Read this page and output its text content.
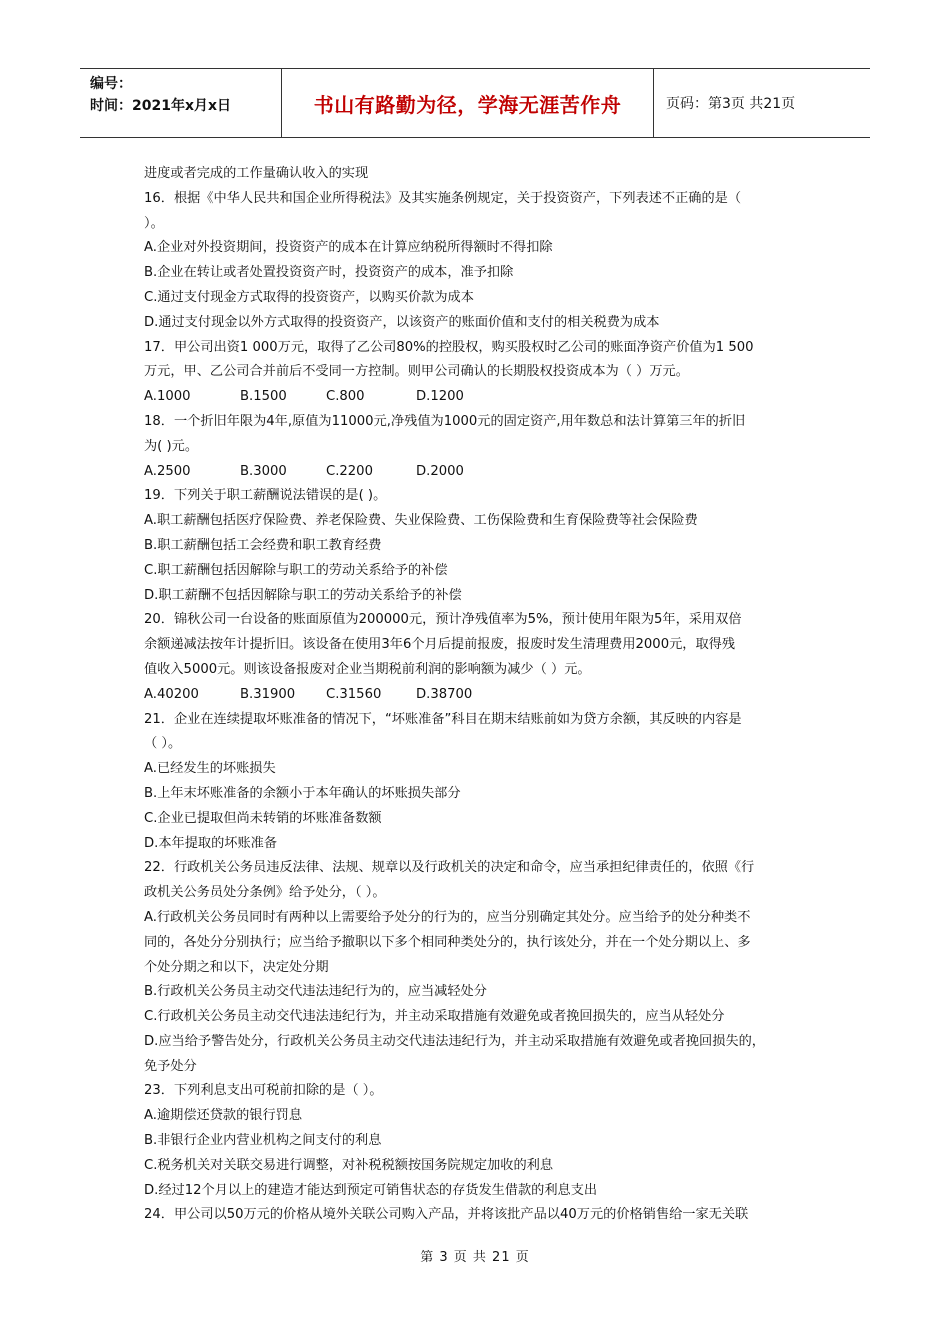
编号：
时间：2021年x月x日	书山有路勤为径，学海无涯苦作舟	页码：第3页 共21页
进度或者完成的工作量确认收入的实现
16．根据《中华人民共和国企业所得税法》及其实施条例规定，关于投资资产，下列表述不正确的是（
）。
A.企业对外投资期间，投资资产的成本在计算应纳税所得额时不得扣除
B.企业在转让或者处置投资资产时，投资资产的成本，准予扣除
C.通过支付现金方式取得的投资资产，以购买价款为成本
D.通过支付现金以外方式取得的投资资产，以该资产的账面价值和支付的相关税费为成本
17．甲公司出资1 000万元，取得了乙公司80%的控股权，购买股权时乙公司的账面净资产价值为1 500
万元，甲、乙公司合并前后不受同一方控制。则甲公司确认的长期股权投资成本为（ ）万元。
A.1000	B.1500	C.800	D.1200
18．一个折旧年限为4年,原值为11000元,净残值为1000元的固定资产,用年数总和法计算第三年的折旧
为( )元。
A.2500	B.3000	C.2200	D.2000
19．下列关于职工薪酬说法错误的是( )。
A.职工薪酬包括医疗保险费、养老保险费、失业保险费、工伤保险费和生育保险费等社会保险费
B.职工薪酬包括工会经费和职工教育经费
C.职工薪酬包括因解除与职工的劳动关系给予的补偿
D.职工薪酬不包括因解除与职工的劳动关系给予的补偿
20．锦秋公司一台设备的账面原值为200000元，预计净残值率为5%，预计使用年限为5年，采用双倍
余额递减法按年计提折旧。该设备在使用3年6个月后提前报废，报废时发生清理费用2000元，取得残
值收入5000元。则该设备报废对企业当期税前利润的影响额为减少（ ）元。
A.40200	B.31900	C.31560	D.38700
21．企业在连续提取坏账准备的情况下，“坏账准备”科目在期末结账前如为贷方余额，其反映的内容是
（ ）。
A.已经发生的坏账损失
B.上年末坏账准备的余额小于本年确认的坏账损失部分
C.企业已提取但尚未转销的坏账准备数额
D.本年提取的坏账准备
22．行政机关公务员违反法律、法规、规章以及行政机关的决定和命令，应当承担纪律责任的，依照《行
政机关公务员处分条例》给予处分，（ ）。
A.行政机关公务员同时有两种以上需要给予处分的行为的，应当分别确定其处分。应当给予的处分种类不
同的，各处分分别执行；应当给予撤职以下多个相同种类处分的，执行该处分，并在一个处分期以上、多
个处分期之和以下，决定处分期
B.行政机关公务员主动交代违法违纪行为的，应当减轻处分
C.行政机关公务员主动交代违法违纪行为，并主动采取措施有效避免或者挽回损失的，应当从轻处分
D.应当给予警告处分，行政机关公务员主动交代违法违纪行为，并主动采取措施有效避免或者挽回损失的，
免予处分
23．下列利息支出可税前扣除的是（ ）。
A.逾期偿还贷款的银行罚息
B.非银行企业内营业机构之间支付的利息
C.税务机关对关联交易进行调整，对补税税额按国务院规定加收的利息
D.经过12个月以上的建造才能达到预定可销售状态的存货发生借款的利息支出
24．甲公司以50万元的价格从境外关联公司购入产品，并将该批产品以40万元的价格销售给一家无关联
第 3 页 共 21 页
